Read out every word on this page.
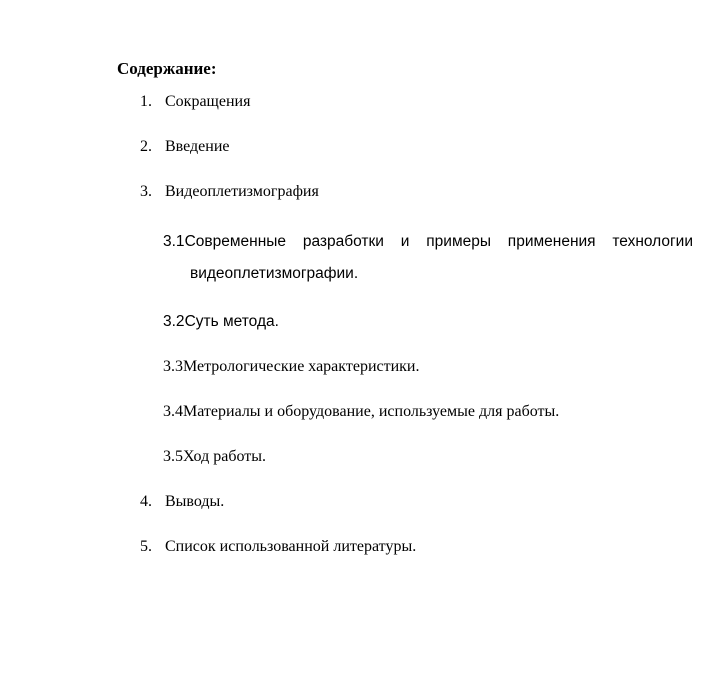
Содержание:
1. Сокращения
2. Введение
3. Видеоплетизмография
3.1Современные разработки и примеры применения технологии
видеоплетизмографии.
3.2Суть метода.
3.3Метрологические характеристики.
3.4Материалы и оборудование, используемые для работы.
3.5Ход работы.
4. Выводы.
5. Список использованной литературы.
